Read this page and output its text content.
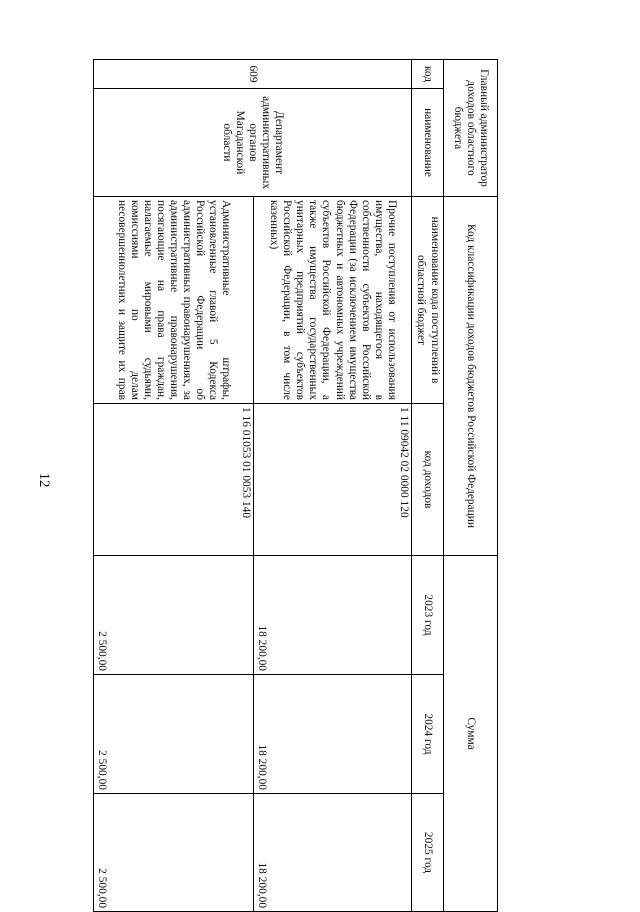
12
Главный администратор доходов областного бюджета		Код классификации доходов бюджетов Российской Федерации		Сумма		
код	наименование	наименование кода поступлений в областной бюджет	код доходов	2023 год	2024 год	2025 год

609	Департамент административных органов Магаданской области	Прочие поступления от использования имущества, находящегося в собственности субъектов Российской Федерации (за исключением имущества бюджетных и автономных учреждений субъектов Российской Федерации, а также имущества государственных унитарных предприятий субъектов Российской Федерации, в том числе казенных)	1 11 09042 02 0000 120	18 200,00	18 200,00	18 200,00
		Административные штрафы, установленные главой 5 Кодекса Российской Федерации об административных правонарушениях, за административные правонарушения, посягающие на права граждан, налагаемые мировыми судьями, комиссиями по делам несовершеннолетних и защите их прав	1 16 01053 01 0053 140	2 500,00	2 500,00	2 500,00
